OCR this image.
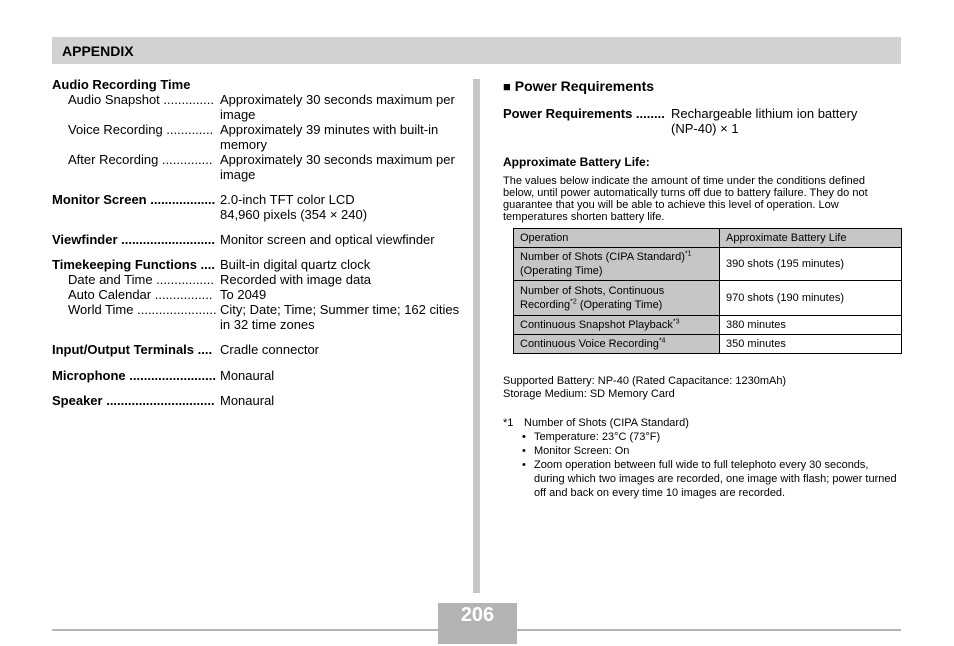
APPENDIX
Audio Recording Time
Audio Snapshot .............. Approximately 30 seconds maximum per image
Voice Recording ............. Approximately 39 minutes with built-in memory
After Recording .............. Approximately 30 seconds maximum per image
Monitor Screen .................. 2.0-inch TFT color LCD
84,960 pixels (354 × 240)
Viewfinder .......................... Monitor screen and optical viewfinder
Timekeeping Functions .... Built-in digital quartz clock
Date and Time ................ Recorded with image data
Auto Calendar ................ To 2049
World Time ...................... City; Date; Time; Summer time; 162 cities in 32 time zones
Input/Output Terminals .... Cradle connector
Microphone ........................ Monaural
Speaker .............................. Monaural
■ Power Requirements
Power Requirements ........ Rechargeable lithium ion battery
(NP-40) × 1
Approximate Battery Life:
The values below indicate the amount of time under the conditions defined below, until power automatically turns off due to battery failure. They do not guarantee that you will be able to achieve this level of operation. Low temperatures shorten battery life.
Operation	Approximate Battery Life
Number of Shots (CIPA Standard)$^{*1}$
(Operating Time)	390 shots (195 minutes)
Number of Shots, Continuous
Recording$^{*2}$ (Operating Time)	970 shots (190 minutes)
Continuous Snapshot Playback$^{*3}$	380 minutes
Continuous Voice Recording$^{*4}$	350 minutes
Supported Battery: NP-40 (Rated Capacitance: 1230mAh)
Storage Medium: SD Memory Card
*1 Number of Shots (CIPA Standard)
• Temperature: 23°C (73°F)
• Monitor Screen: On
• Zoom operation between full wide to full telephoto every 30 seconds, during which two images are recorded, one image with flash; power turned off and back on every time 10 images are recorded.
206
